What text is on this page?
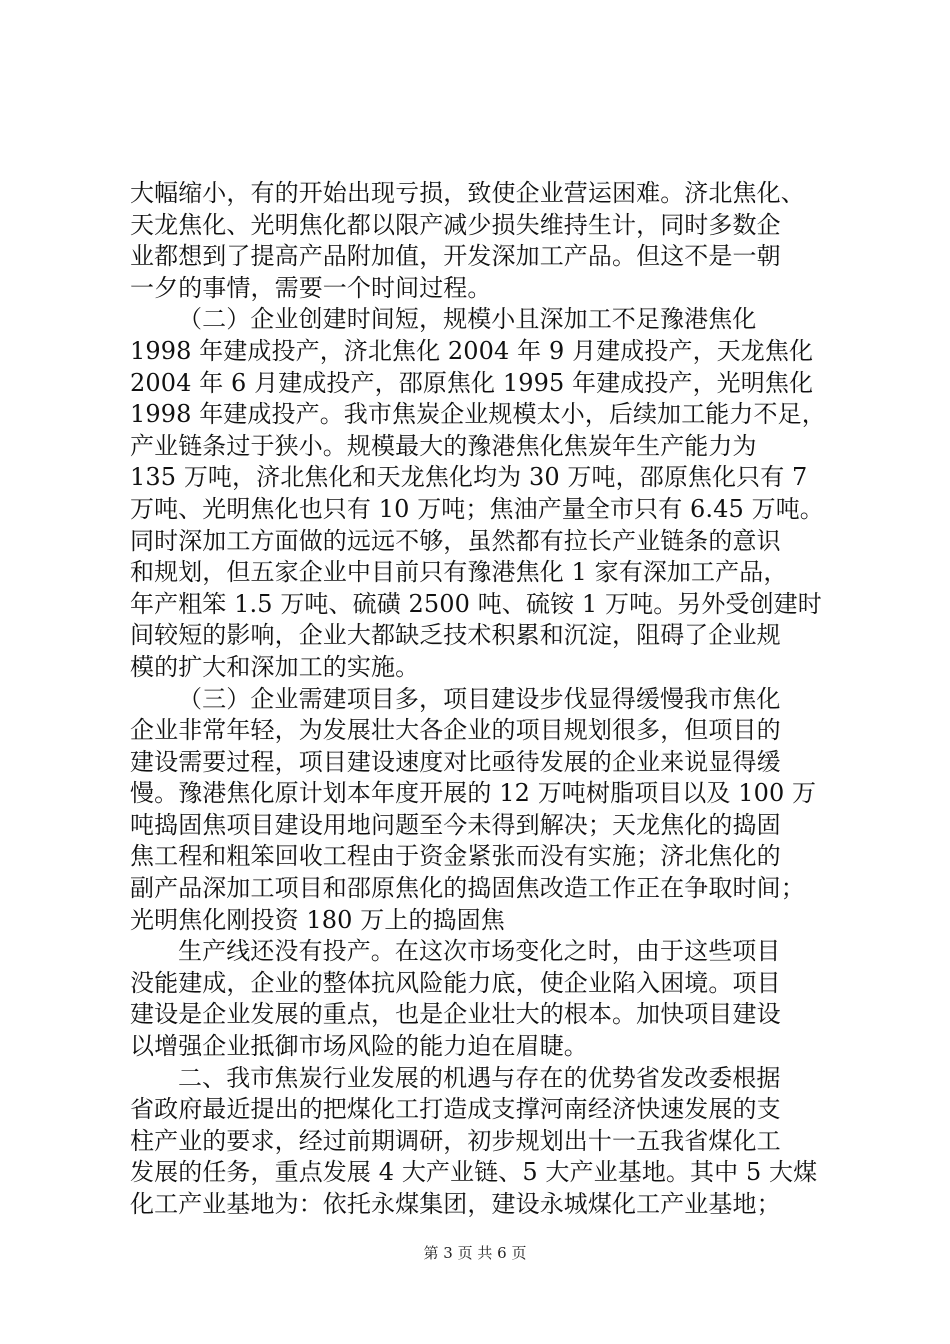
大幅缩小，有的开始出现亏损，致使企业营运困难。济北焦化、
天龙焦化、光明焦化都以限产减少损失维持生计，同时多数企
业都想到了提高产品附加值，开发深加工产品。但这不是一朝
一夕的事情，需要一个时间过程。
（二）企业创建时间短，规模小且深加工不足豫港焦化
1998 年建成投产，济北焦化 2004 年 9 月建成投产，天龙焦化
2004 年 6 月建成投产，邵原焦化 1995 年建成投产，光明焦化
1998 年建成投产。我市焦炭企业规模太小，后续加工能力不足，
产业链条过于狭小。规模最大的豫港焦化焦炭年生产能力为
135 万吨，济北焦化和天龙焦化均为 30 万吨，邵原焦化只有 7
万吨、光明焦化也只有 10 万吨；焦油产量全市只有 6.45 万吨。
同时深加工方面做的远远不够，虽然都有拉长产业链条的意识
和规划，但五家企业中目前只有豫港焦化 1 家有深加工产品，
年产粗笨 1.5 万吨、硫磺 2500 吨、硫铵 1 万吨。另外受创建时
间较短的影响，企业大都缺乏技术积累和沉淀，阻碍了企业规
模的扩大和深加工的实施。
（三）企业需建项目多，项目建设步伐显得缓慢我市焦化
企业非常年轻，为发展壮大各企业的项目规划很多，但项目的
建设需要过程，项目建设速度对比亟待发展的企业来说显得缓
慢。豫港焦化原计划本年度开展的 12 万吨树脂项目以及 100 万
吨捣固焦项目建设用地问题至今未得到解决；天龙焦化的捣固
焦工程和粗笨回收工程由于资金紧张而没有实施；济北焦化的
副产品深加工项目和邵原焦化的捣固焦改造工作正在争取时间；
光明焦化刚投资 180 万上的捣固焦
生产线还没有投产。在这次市场变化之时，由于这些项目
没能建成，企业的整体抗风险能力底，使企业陷入困境。项目
建设是企业发展的重点，也是企业壮大的根本。加快项目建设
以增强企业抵御市场风险的能力迫在眉睫。
二、我市焦炭行业发展的机遇与存在的优势省发改委根据
省政府最近提出的把煤化工打造成支撑河南经济快速发展的支
柱产业的要求，经过前期调研，初步规划出十一五我省煤化工
发展的任务，重点发展 4 大产业链、5 大产业基地。其中 5 大煤
化工产业基地为：依托永煤集团，建设永城煤化工产业基地；
第 3 页 共 6 页
